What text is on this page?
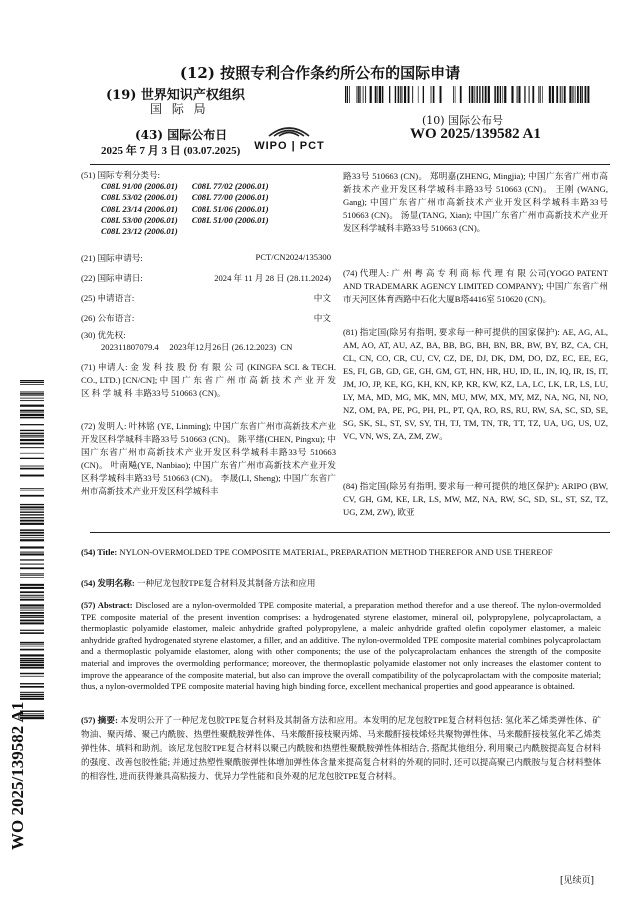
(12) 按照专利合作条约所公布的国际申请
(19) 世界知识产权组织
国 际 局
(43) 国际公布日
2025 年 7 月 3 日 (03.07.2025)	WIPO | PCT
(10) 国际公布号
WO 2025/139582 A1
(51) 国际专利分类号:
C08L 91/00 (2006.01)	C08L 77/02 (2006.01)
C08L 53/02 (2006.01)	C08L 77/00 (2006.01)
C08L 23/14 (2006.01)	C08L 51/06 (2006.01)
C08L 53/00 (2006.01)	C08L 51/00 (2006.01)
C08L 23/12 (2006.01)	
(21) 国际申请号:	PCT/CN2024/135300
(22) 国际申请日:	2024 年 11 月 28 日 (28.11.2024)
(25) 申请语言:	中文
(26) 公布语言:	中文
(30) 优先权:
202311807079.4     2023年12月26日 (26.12.2023)  CN
(71) 申请人: 金 发 科 技 股 份 有 限 公 司 (KINGFA SCI. & TECH. CO., LTD.) [CN/CN]; 中 国 广 东 省 广 州 市 高 新 技 术 产 业 开 发 区 科 学 城 科 丰路33号 510663 (CN)。
(72) 发明人: 叶林铭 (YE, Linming); 中国广东省广州市高新技术产业开发区科学城科丰路33号 510663 (CN)。 陈平绪(CHEN, Pingxu); 中国广东省广州市高新技术产业开发区科学城科丰路33号 510663 (CN)。 叶南飚(YE, Nanbiao); 中国广东省广州市高新技术产业开发区科学城科丰路33号 510663 (CN)。 李晟(LI, Sheng); 中国广东省广州市高新技术产业开发区科学城科丰
路33号 510663 (CN)。 郑明嘉(ZHENG, Mingjia); 中国广东省广州市高新技术产业开发区科学城科丰路33号 510663 (CN)。 王刚 (WANG, Gang); 中国广东省广州市高新技术产业开发区科学城科丰路33号 510663 (CN)。 汤显(TANG, Xian); 中国广东省广州市高新技术产业开发区科学城科丰路33号 510663 (CN)。
(74) 代理人: 广 州 粤 高 专 利 商 标 代 理 有 限 公司(YOGO PATENT AND TRADEMARK AGENCY LIMITED COMPANY); 中国广东省广州市天河区体育西路中石化大厦B塔4416室 510620 (CN)。
(81) 指定国(除另有指明, 要求每一种可提供的国家保护): AE, AG, AL, AM, AO, AT, AU, AZ, BA, BB, BG, BH, BN, BR, BW, BY, BZ, CA, CH, CL, CN, CO, CR, CU, CV, CZ, DE, DJ, DK, DM, DO, DZ, EC, EE, EG, ES, FI, GB, GD, GE, GH, GM, GT, HN, HR, HU, ID, IL, IN, IQ, IR, IS, IT, JM, JO, JP, KE, KG, KH, KN, KP, KR, KW, KZ, LA, LC, LK, LR, LS, LU, LY, MA, MD, MG, MK, MN, MU, MW, MX, MY, MZ, NA, NG, NI, NO, NZ, OM, PA, PE, PG, PH, PL, PT, QA, RO, RS, RU, RW, SA, SC, SD, SE, SG, SK, SL, ST, SV, SY, TH, TJ, TM, TN, TR, TT, TZ, UA, UG, US, UZ, VC, VN, WS, ZA, ZM, ZW。
(84) 指定国(除另有指明, 要求每一种可提供的地区保护): ARIPO (BW, CV, GH, GM, KE, LR, LS, MW, MZ, NA, RW, SC, SD, SL, ST, SZ, TZ, UG, ZM, ZW), 欧亚
WO 2025/139582 A1
(54) Title: NYLON-OVERMOLDED TPE COMPOSITE MATERIAL, PREPARATION METHOD THEREFOR AND USE THEREOF
(54) 发明名称: 一种尼龙包胶TPE复合材料及其制备方法和应用
(57) Abstract: Disclosed are a nylon-overmolded TPE composite material, a preparation method therefor and a use thereof. The nylon-overmolded TPE composite material of the present invention comprises: a hydrogenated styrene elastomer, mineral oil, polypropylene, polycaprolactam, a thermoplastic polyamide elastomer, maleic anhydride grafted polypropylene, a maleic anhydride grafted olefin copolymer elastomer, a maleic anhydride grafted hydrogenated styrene elastomer, a filler, and an additive. The nylon-overmolded TPE composite material combines polycaprolactam and a thermoplastic polyamide elastomer, along with other components; the use of the polycaprolactam enhances the strength of the composite material and improves the overmolding performance; moreover, the thermoplastic polyamide elastomer not only increases the elastomer content to improve the appearance of the composite material, but also can improve the overall compatibility of the polycaprolactam with the composite material; thus, a nylon-overmolded TPE composite material having high binding force, excellent mechanical properties and good appearance is obtained.
(57) 摘要: 本发明公开了一种尼龙包胶TPE复合材料及其制备方法和应用。本发明的尼龙包胶TPE复合材料包括: 氢化苯乙烯类弹性体、矿物油、聚丙烯、聚己内酰胺、热塑性聚酰胺弹性体、马来酸酐接枝聚丙烯、马来酸酐接枝烯烃共聚物弹性体、马来酸酐接枝氢化苯乙烯类弹性体、填料和助剂。该尼龙包胶TPE复合材料以聚己内酰胺和热塑性聚酰胺弹性体相结合, 搭配其他组分, 利用聚己内酰胺提高复合材料的强度、改善包胶性能; 并通过热塑性聚酰胺弹性体增加弹性体含量来提高复合材料的外观的同时, 还可以提高聚己内酰胺与复合材料整体的相容性, 进而获得兼具高粘接力、优异力学性能和良外观的尼龙包胶TPE复合材料。
[见续页]
